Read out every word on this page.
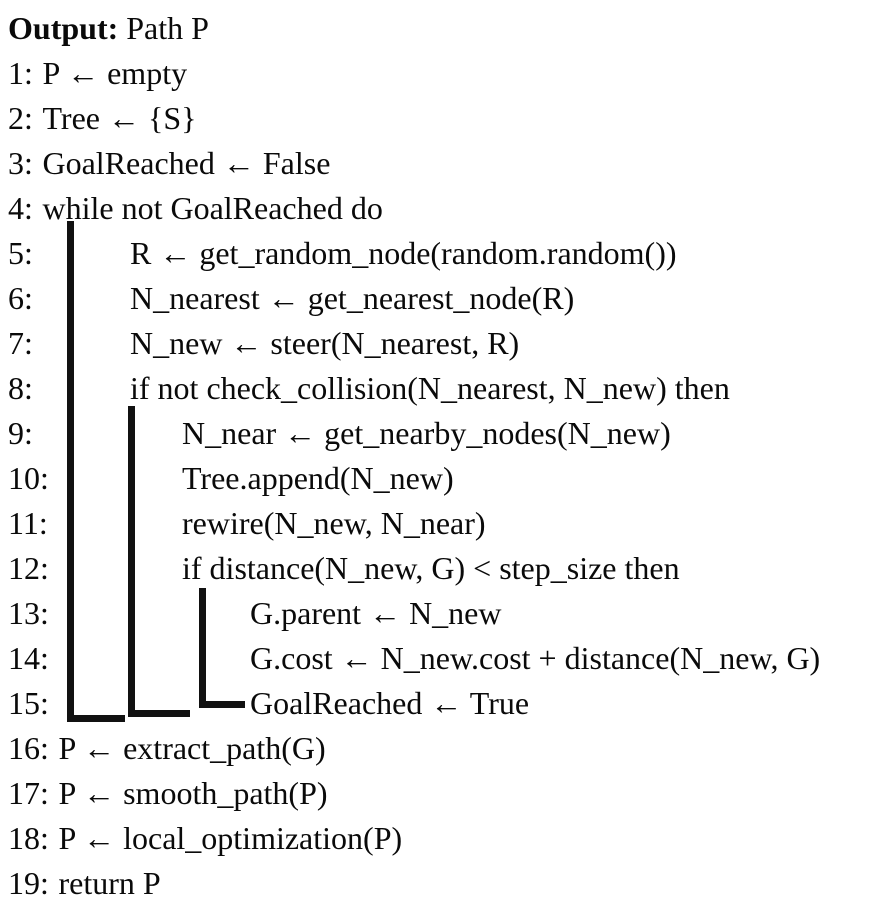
Output: Path P
1: P ← empty
2: Tree ← {S}
3: GoalReached ← False
4: while not GoalReached do
5:	R ← get_random_node(random.random())
6:	N_nearest ← get_nearest_node(R)
7:	N_new ← steer(N_nearest, R)
8:	if not check_collision(N_nearest, N_new) then
9:	N_near ← get_nearby_nodes(N_new)
10:	Tree.append(N_new)
11:	rewire(N_new, N_near)
12:	if distance(N_new, G) < step_size then
13:	G.parent ← N_new
14:	G.cost ← N_new.cost + distance(N_new, G)
15:	GoalReached ← True
16: P ← extract_path(G)
17: P ← smooth_path(P)
18: P ← local_optimization(P)
19: return P
